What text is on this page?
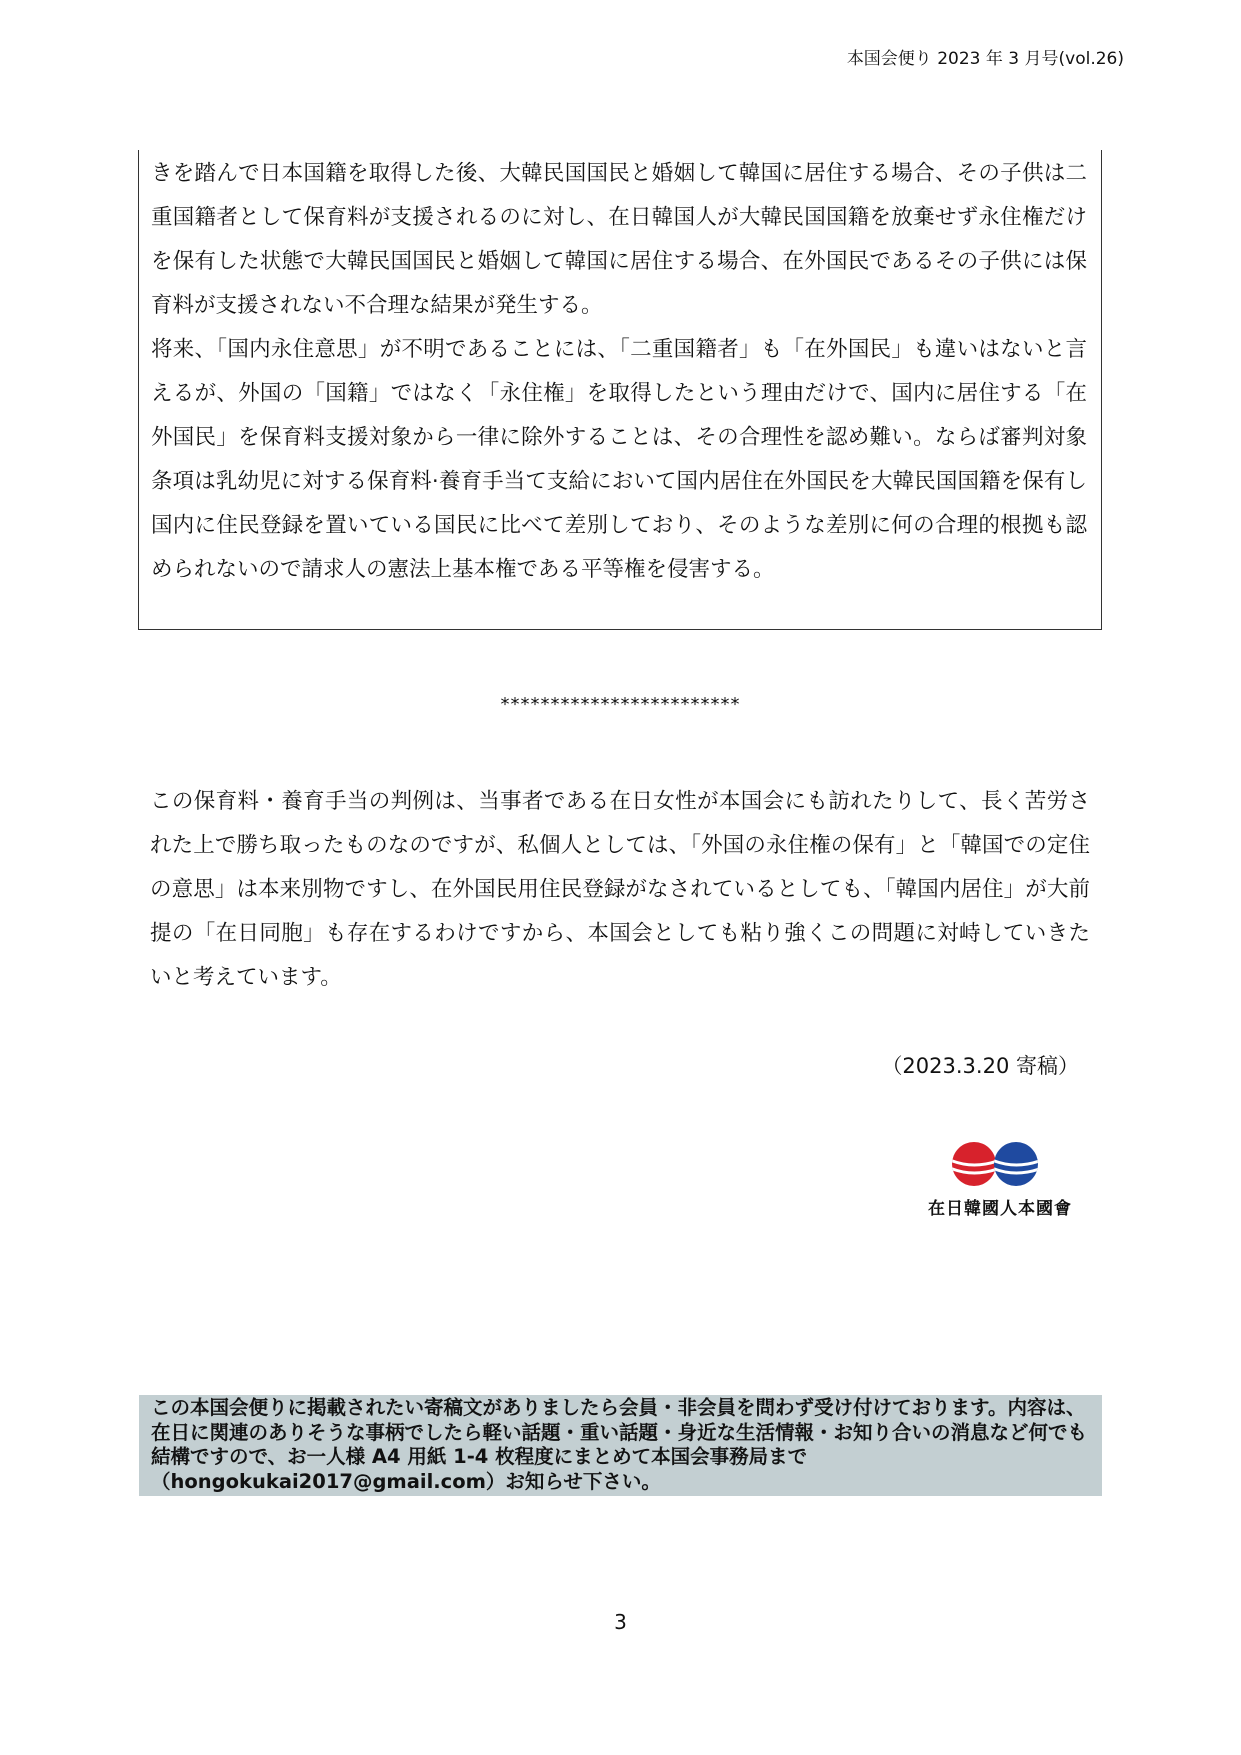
本国会便り 2023 年 3 月号(vol.26)

きを踏んで日本国籍を取得した後、大韓民国国民と婚姻して韓国に居住する場合、その子供は二重国籍者として保育料が支援されるのに対し、在日韓国人が大韓民国国籍を放棄せず永住権だけを保有した状態で大韓民国国民と婚姻して韓国に居住する場合、在外国民であるその子供には保育料が支援されない不合理な結果が発生する。

将来、「国内永住意思」が不明であることには、「二重国籍者」も「在外国民」も違いはないと言えるが、外国の「国籍」ではなく「永住権」を取得したという理由だけで、国内に居住する「在外国民」を保育料支援対象から一律に除外することは、その合理性を認め難い。ならば審判対象条項は乳幼児に対する保育料·養育手当て支給において国内居住在外国民を大韓民国国籍を保有し国内に住民登録を置いている国民に比べて差別しており、そのような差別に何の合理的根拠も認められないので請求人の憲法上基本権である平等権を侵害する。

************************

この保育料・養育手当の判例は、当事者である在日女性が本国会にも訪れたりして、長く苦労された上で勝ち取ったものなのですが、私個人としては、「外国の永住権の保有」と「韓国での定住の意思」は本来別物ですし、在外国民用住民登録がなされているとしても、「韓国内居住」が大前提の「在日同胞」も存在するわけですから、本国会としても粘り強くこの問題に対峙していきたいと考えています。

（2023.3.20 寄稿）
在日韓國人本國會
この本国会便りに掲載されたい寄稿文がありましたら会員・非会員を問わず受け付けております。内容は、在日に関連のありそうな事柄でしたら軽い話題・重い話題・身近な生活情報・お知り合いの消息など何でも結構ですので、お一人様 A4 用紙 1-4 枚程度にまとめて本国会事務局まで（hongokukai2017@gmail.com）お知らせ下さい。
3
